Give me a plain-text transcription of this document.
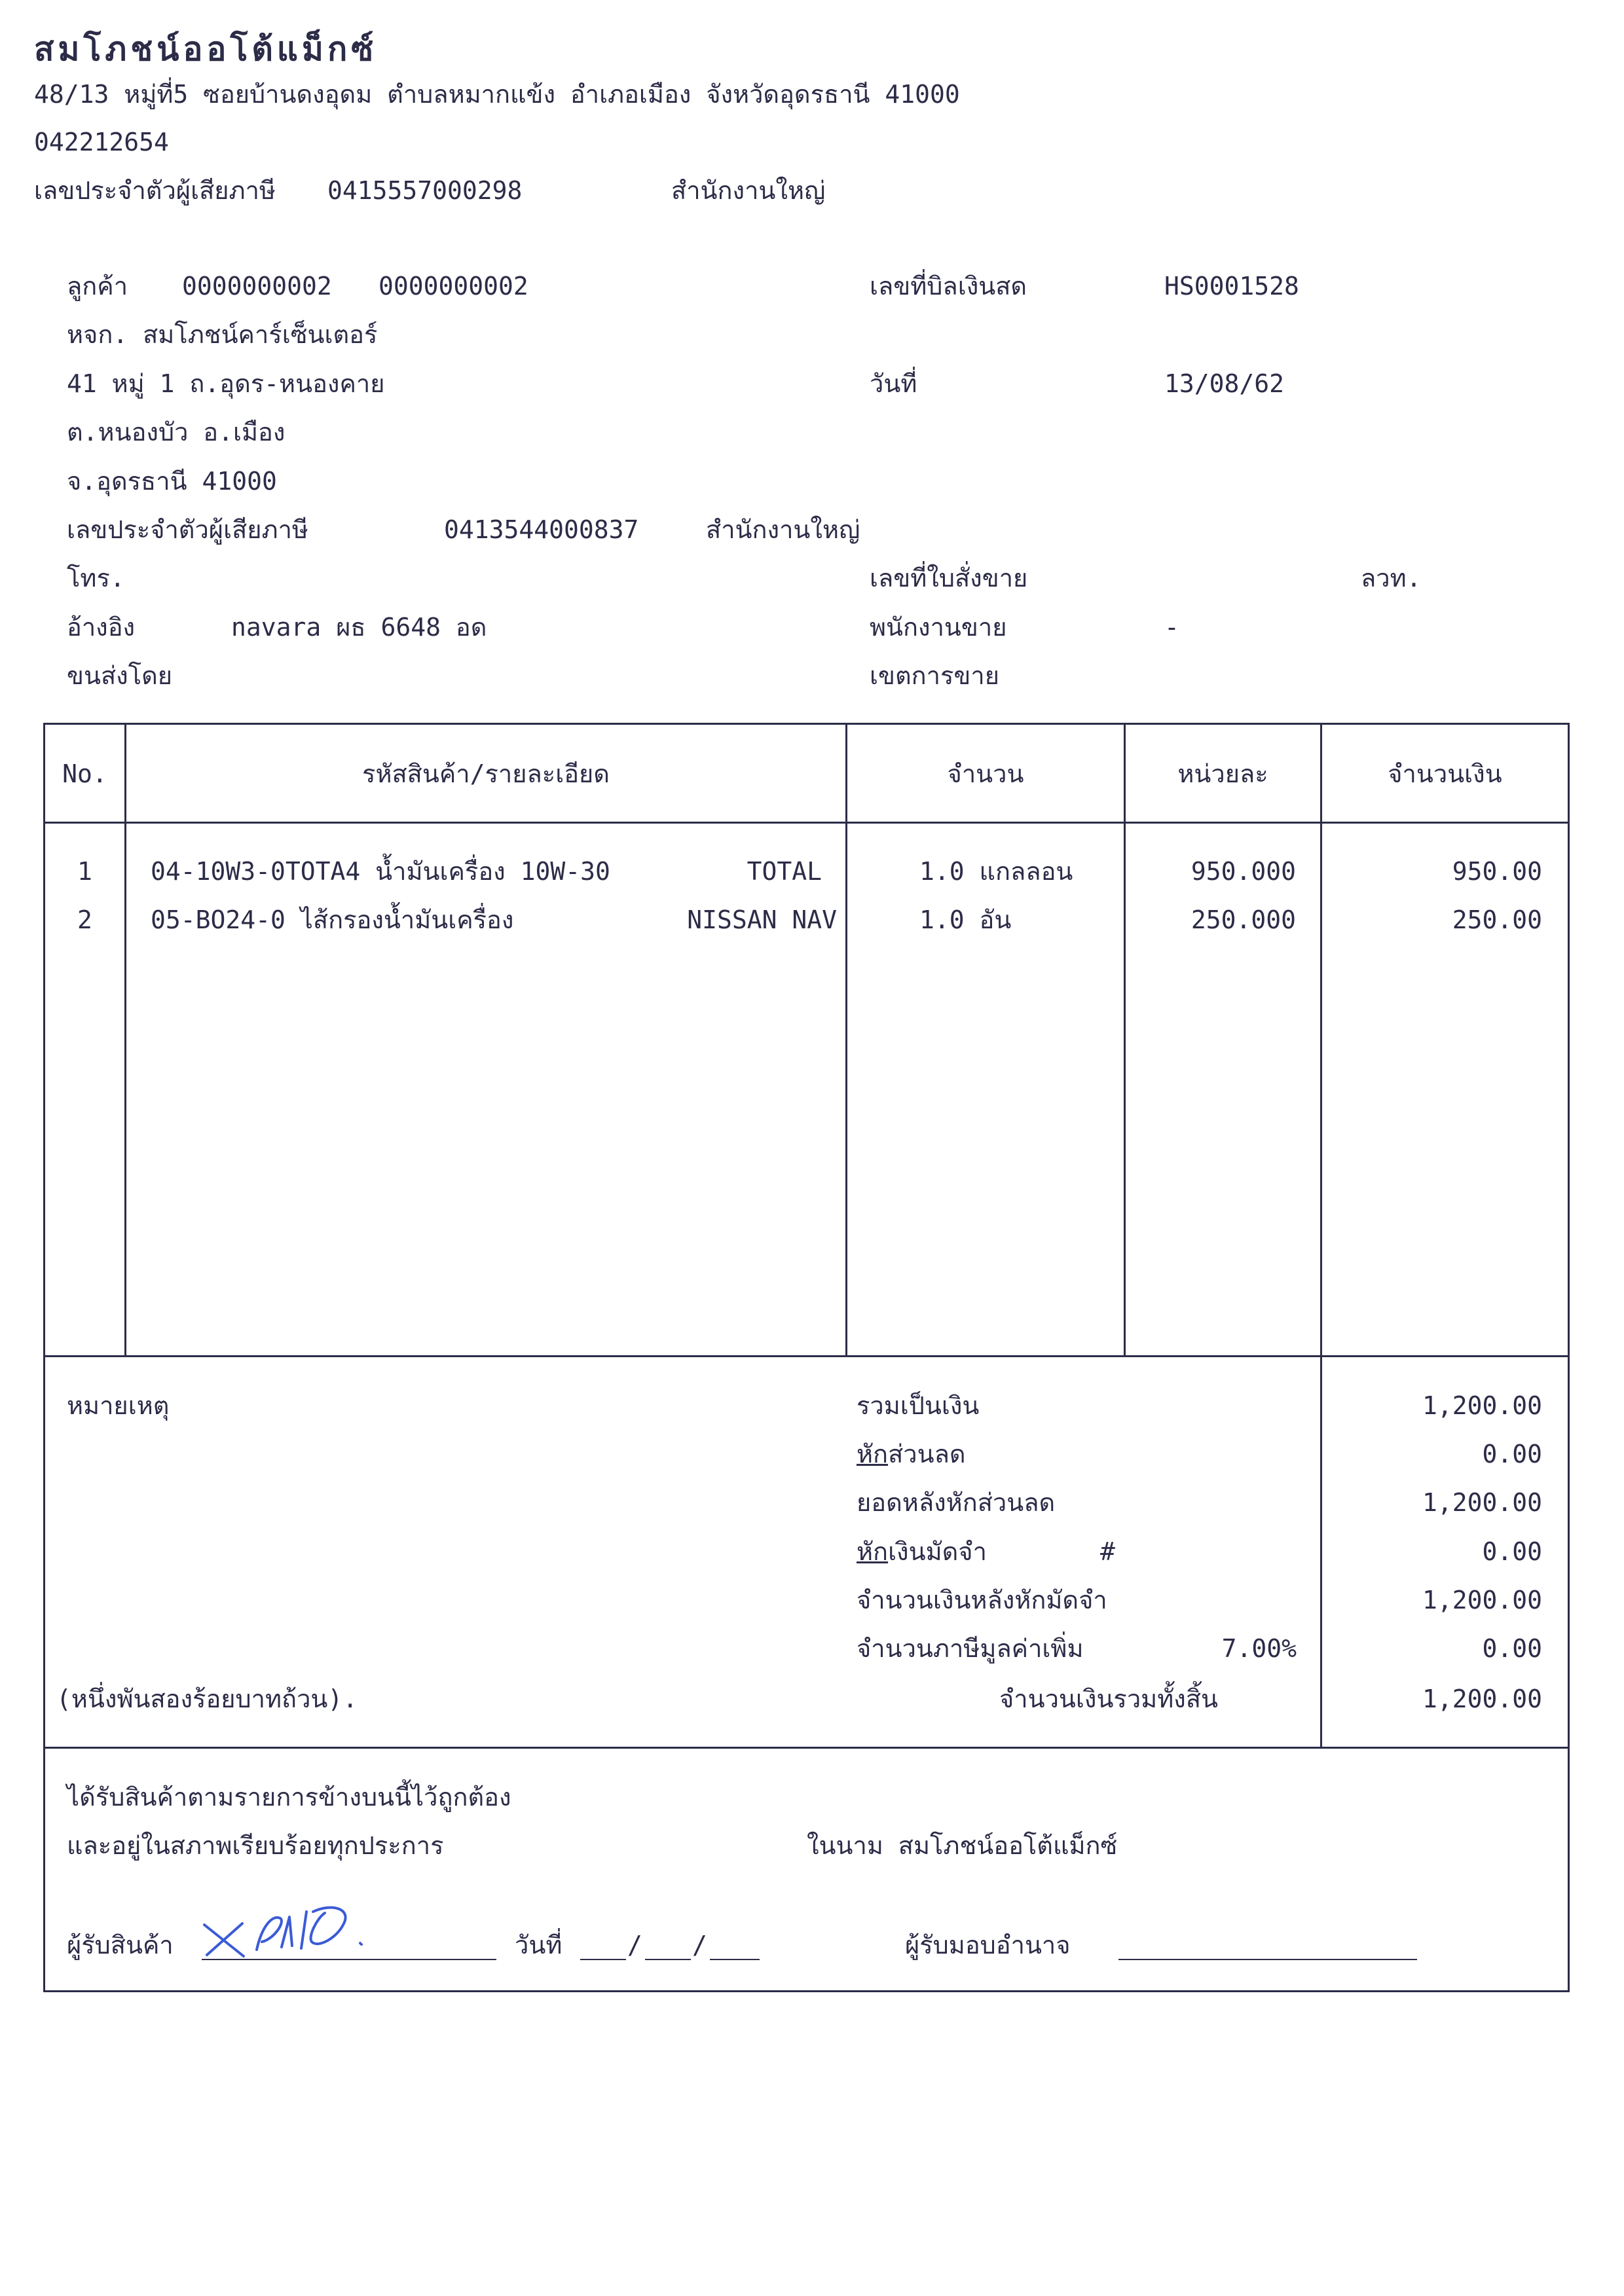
สมโภชน์ออโต้แม็กซ์
48/13 หมู่ที่5 ซอยบ้านดงอุดม ตำบลหมากแข้ง อำเภอเมือง จังหวัดอุดรธานี 41000
042212654
เลขประจำตัวผู้เสียภาษี 0415557000298	สำนักงานใหญ่
ลูกค้า 0000000002 0000000002
หจก. สมโภชน์คาร์เซ็นเตอร์
41 หมู่ 1 ถ.อุดร-หนองคาย
ต.หนองบัว อ.เมือง
จ.อุดรธานี 41000
เลขประจำตัวผู้เสียภาษี	0413544000837	สำนักงานใหญ่
โทร.
อ้างอิง	navara ผธ 6648 อด
ขนส่งโดย
เลขที่บิลเงินสด	HS0001528
วันที่	13/08/62
เลขที่ใบสั่งขาย	ลวท.
พนักงานขาย	-
เขตการขาย
No.	รหัสสินค้า/รายละเอียด	จำนวน	หน่วยละ	จำนวนเงิน
1	04-10W3-0TOTA4 น้ำมันเครื่อง 10W-30	TOTAL	1.0 แกลลอน	950.000	950.00
2	05-BO24-0 ไส้กรองน้ำมันเครื่อง	NISSAN NAV	1.0 อัน	250.000	250.00
หมายเหตุ
(หนึ่งพันสองร้อยบาทถ้วน).
รวมเป็นเงิน	1,200.00
หักส่วนลด	0.00
ยอดหลังหักส่วนลด	1,200.00
หักเงินมัดจำ	#	0.00
จำนวนเงินหลังหักมัดจำ	1,200.00
จำนวนภาษีมูลค่าเพิ่ม	7.00%	0.00
จำนวนเงินรวมทั้งสิ้น	1,200.00
ได้รับสินค้าตามรายการข้างบนนี้ไว้ถูกต้อง
และอยู่ในสภาพเรียบร้อยทุกประการ	ในนาม สมโภชน์ออโต้แม็กซ์
ผู้รับสินค้า	วันที่	/ /	ผู้รับมอบอำนาจ
